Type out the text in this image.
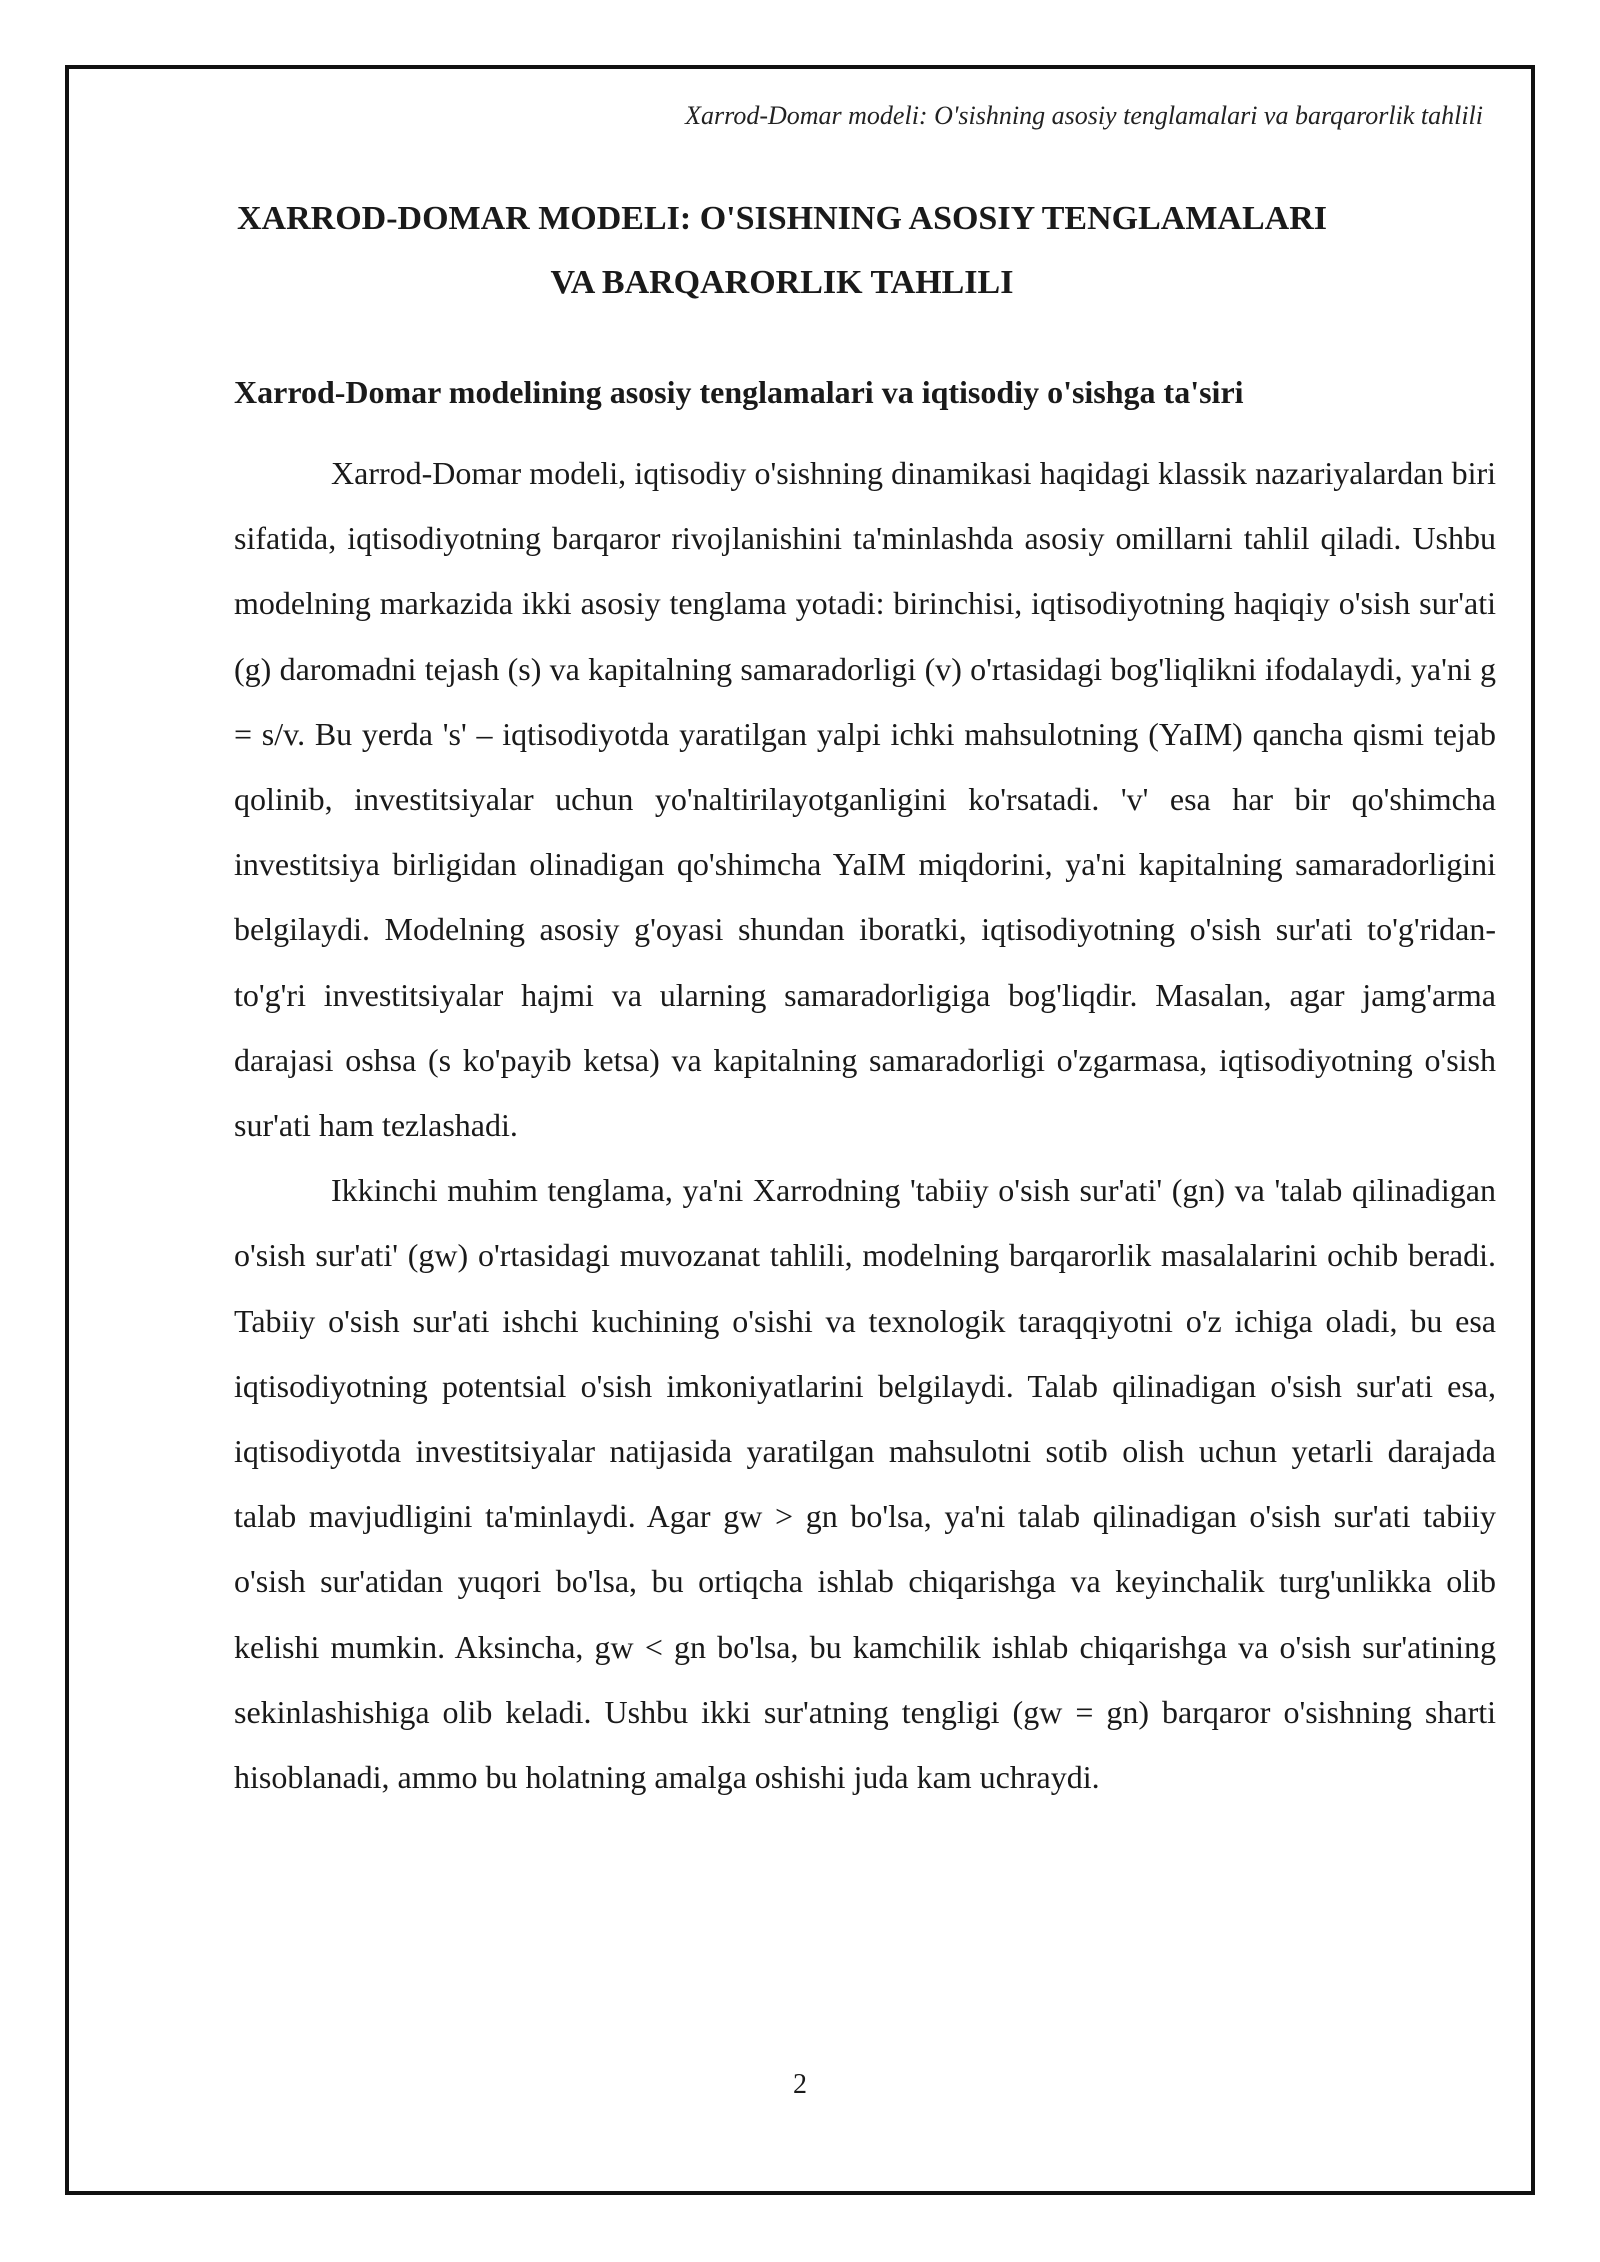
Xarrod-Domar modeli: O'sishning asosiy tenglamalari va barqarorlik tahlili

XARROD-DOMAR MODELI: O'SISHNING ASOSIY TENGLAMALARI
VA BARQARORLIK TAHLILI
Xarrod-Domar modelining asosiy tenglamalari va iqtisodiy o'sishga ta'siri

Xarrod-Domar modeli, iqtisodiy o'sishning dinamikasi haqidagi klassik nazariyalardan biri sifatida, iqtisodiyotning barqaror rivojlanishini ta'minlashda asosiy omillarni tahlil qiladi. Ushbu modelning markazida ikki asosiy tenglama yotadi: birinchisi, iqtisodiyotning haqiqiy o'sish sur'ati (g) daromadni tejash (s) va kapitalning samaradorligi (v) o'rtasidagi bog'liqlikni ifodalaydi, ya'ni g = s/v. Bu yerda 's' – iqtisodiyotda yaratilgan yalpi ichki mahsulotning (YaIM) qancha qismi tejab qolinib, investitsiyalar uchun yo'naltirilayotganligini ko'rsatadi. 'v' esa har bir qo'shimcha investitsiya birligidan olinadigan qo'shimcha YaIM miqdorini, ya'ni kapitalning samaradorligini belgilaydi. Modelning asosiy g'oyasi shundan iboratki, iqtisodiyotning o'sish sur'ati to'g'ridan-to'g'ri investitsiyalar hajmi va ularning samaradorligiga bog'liqdir. Masalan, agar jamg'arma darajasi oshsa (s ko'payib ketsa) va kapitalning samaradorligi o'zgarmasa, iqtisodiyotning o'sish sur'ati ham tezlashadi.

Ikkinchi muhim tenglama, ya'ni Xarrodning 'tabiiy o'sish sur'ati' (gn) va 'talab qilinadigan o'sish sur'ati' (gw) o'rtasidagi muvozanat tahlili, modelning barqarorlik masalalarini ochib beradi. Tabiiy o'sish sur'ati ishchi kuchining o'sishi va texnologik taraqqiyotni o'z ichiga oladi, bu esa iqtisodiyotning potentsial o'sish imkoniyatlarini belgilaydi. Talab qilinadigan o'sish sur'ati esa, iqtisodiyotda investitsiyalar natijasida yaratilgan mahsulotni sotib olish uchun yetarli darajada talab mavjudligini ta'minlaydi. Agar gw > gn bo'lsa, ya'ni talab qilinadigan o'sish sur'ati tabiiy o'sish sur'atidan yuqori bo'lsa, bu ortiqcha ishlab chiqarishga va keyinchalik turg'unlikka olib kelishi mumkin. Aksincha, gw < gn bo'lsa, bu kamchilik ishlab chiqarishga va o'sish sur'atining sekinlashishiga olib keladi. Ushbu ikki sur'atning tengligi (gw = gn) barqaror o'sishning sharti hisoblanadi, ammo bu holatning amalga oshishi juda kam uchraydi.

2
